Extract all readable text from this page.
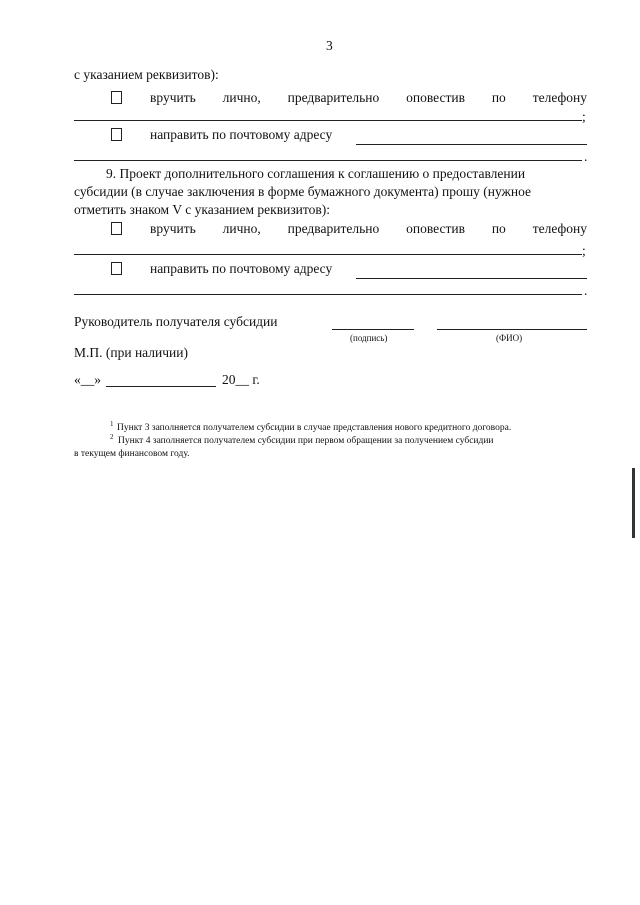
3
с указанием реквизитов):
вручить лично, предварительно оповестив по телефону
;
направить по почтовому адресу
.
9. Проект дополнительного соглашения к соглашению о предоставлении
субсидии (в случае заключения в форме бумажного документа) прошу (нужное
отметить знаком V с указанием реквизитов):
вручить лично, предварительно оповестив по телефону
;
направить по почтовому адресу
.
Руководитель получателя субсидии
(подпись)	(ФИО)
М.П. (при наличии)
«__»	20__ г.
1 Пункт 3 заполняется получателем субсидии в случае представления нового кредитного договора.
2 Пункт 4 заполняется получателем субсидии при первом обращении за получением субсидии
в текущем финансовом году.
